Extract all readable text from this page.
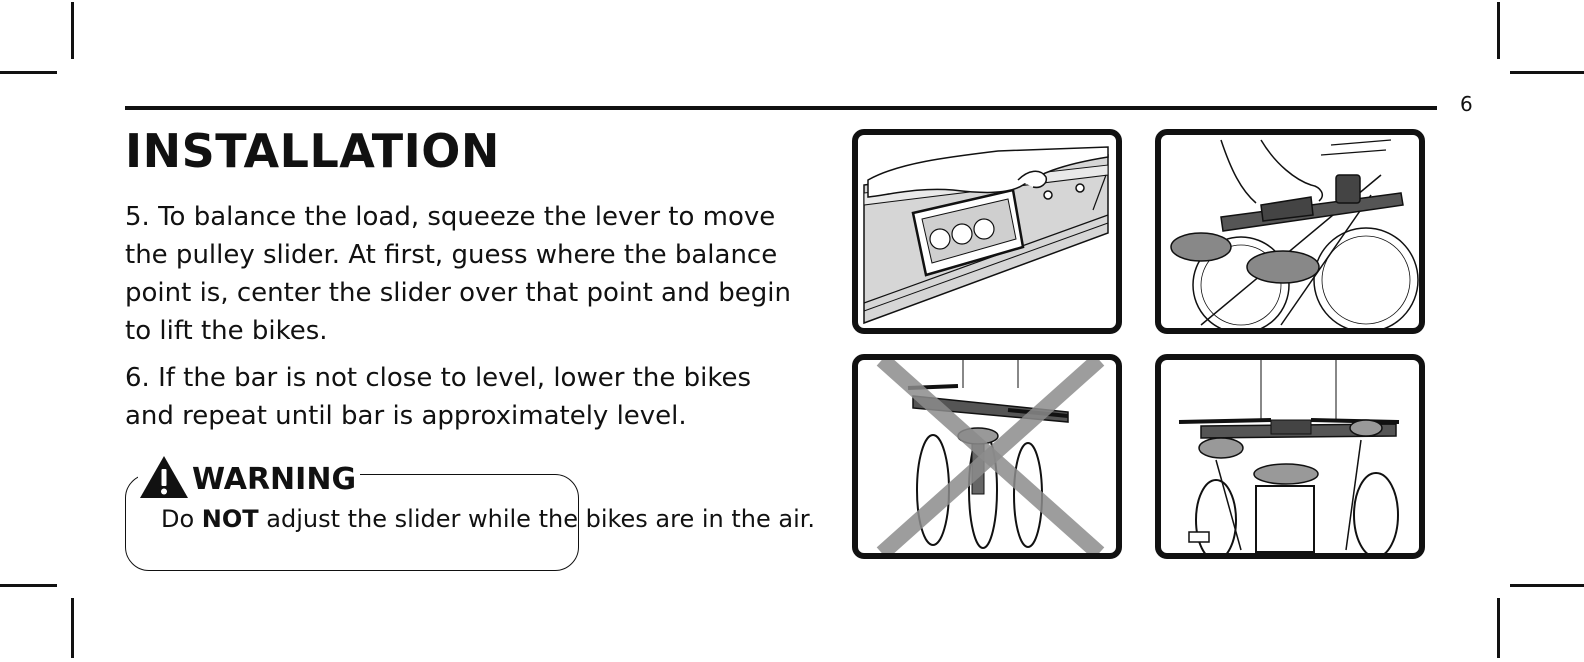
6
INSTALLATION

5. To balance the load, squeeze the lever to move the pulley slider. At first, guess where the balance point is, center the slider over that point and begin to lift the bikes.

6. If the bar is not close to level, lower the bikes and repeat until bar is approximately level.

WARNING

Do NOT adjust the slider while the bikes are in the air.
